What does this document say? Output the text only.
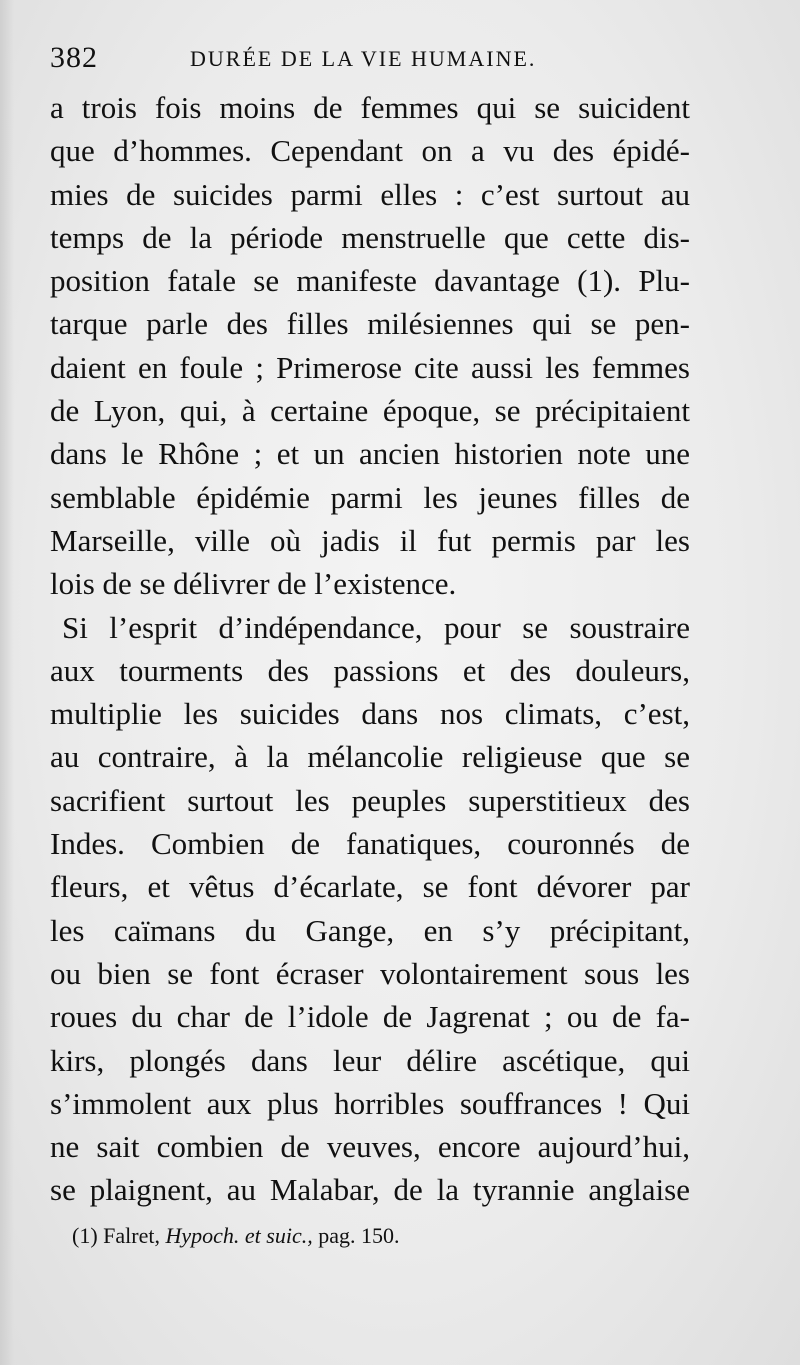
382	DURÉE DE LA VIE HUMAINE.
a trois fois moins de femmes qui se suicident
que d’hommes. Cependant on a vu des épidé-
mies de suicides parmi elles : c’est surtout au
temps de la période menstruelle que cette dis-
position fatale se manifeste davantage (1). Plu-
tarque parle des filles milésiennes qui se pen-
daient en foule ; Primerose cite aussi les femmes
de Lyon, qui, à certaine époque, se précipitaient
dans le Rhône ; et un ancien historien note une
semblable épidémie parmi les jeunes filles de
Marseille, ville où jadis il fut permis par les
lois de se délivrer de l’existence.
Si l’esprit d’indépendance, pour se soustraire
aux tourments des passions et des douleurs,
multiplie les suicides dans nos climats, c’est,
au contraire, à la mélancolie religieuse que se
sacrifient surtout les peuples superstitieux des
Indes. Combien de fanatiques, couronnés de
fleurs, et vêtus d’écarlate, se font dévorer par
les caïmans du Gange, en s’y précipitant,
ou bien se font écraser volontairement sous les
roues du char de l’idole de Jagrenat ; ou de fa-
kirs, plongés dans leur délire ascétique, qui
s’immolent aux plus horribles souffrances ! Qui
ne sait combien de veuves, encore aujourd’hui,
se plaignent, au Malabar, de la tyrannie anglaise
(1) Falret, Hypoch. et suic., pag. 150.
